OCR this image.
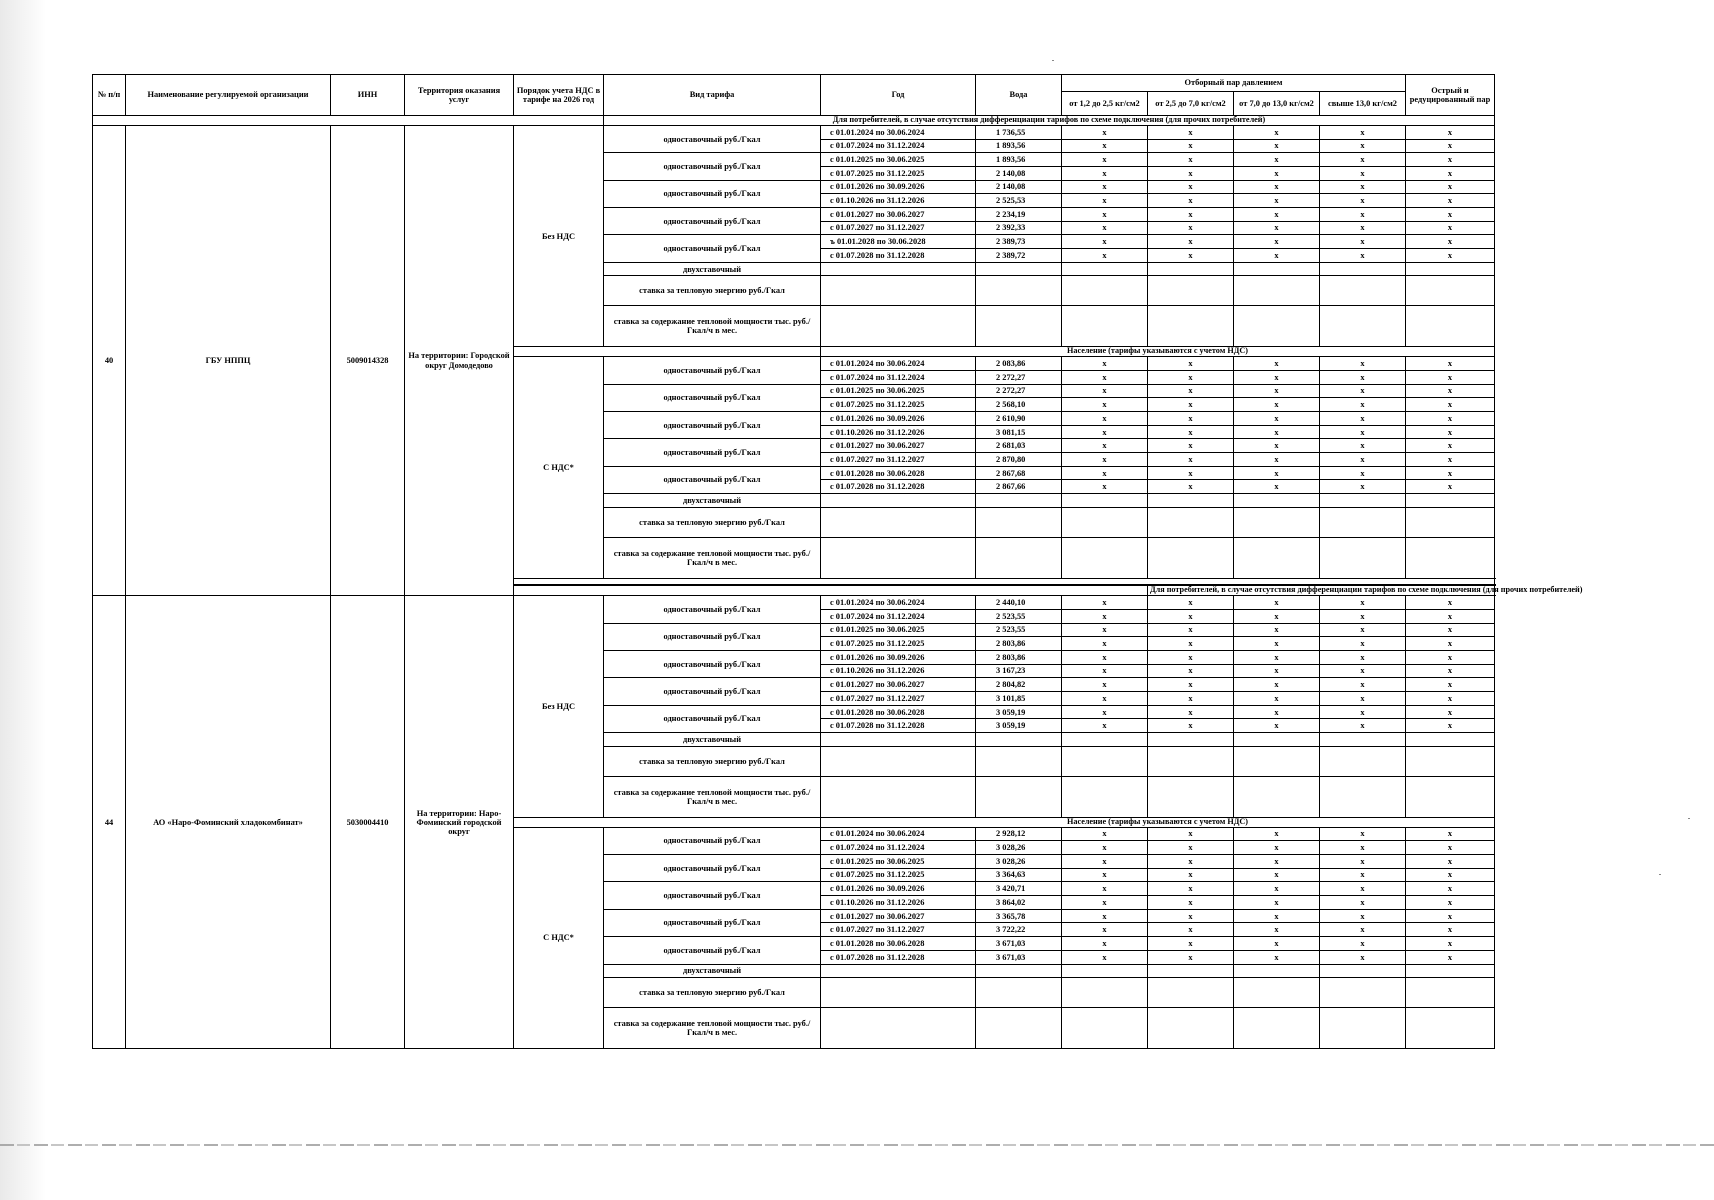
№ п/п	Наименование регулируемой организации	ИНН	Территория оказания услуг	Порядок учета НДС в тарифе на 2026 год	Вид тарифа	Год	Вода	Отборный пар давлением				Острый и редуцированный пар
								от 1,2 до 2,5 кг/см2	от 2,5 до 7,0 кг/см2	от 7,0 до 13,0 кг/см2	свыше 13,0 кг/см2	
					Для потребителей, в случае отсутствия дифференциации тарифов по схеме подключения (для прочих потребителей)							
40	ГБУ НППЦ	5009014328	На территории: Городской округ Домодедово	Без НДС	одноставочный руб./Гкал	с 01.01.2024 по 30.06.2024	1 736,55	x	x	x	x	x
						с 01.07.2024 по 31.12.2024	1 893,56	x	x	x	x	x
					одноставочный руб./Гкал	с 01.01.2025 по 30.06.2025	1 893,56	x	x	x	x	x
						с 01.07.2025 по 31.12.2025	2 140,08	x	x	x	x	x
					одноставочный руб./Гкал	с 01.01.2026 по 30.09.2026	2 140,08	x	x	x	x	x
						с 01.10.2026 по 31.12.2026	2 525,53	x	x	x	x	x
					одноставочный руб./Гкал	с 01.01.2027 по 30.06.2027	2 234,19	x	x	x	x	x
						с 01.07.2027 по 31.12.2027	2 392,33	x	x	x	x	x
					одноставочный руб./Гкал	ъ 01.01.2028 по 30.06.2028	2 389,73	x	x	x	x	x
						с 01.07.2028 по 31.12.2028	2 389,72	x	x	x	x	x
					двухставочный							
					ставка за тепловую энергию руб./Гкал							
					ставка за содержание тепловой мощности тыс. руб./Гкал/ч в мес.							
						Население (тарифы указываются с учетом НДС)						
				С НДС*	одноставочный руб./Гкал	с 01.01.2024 по 30.06.2024	2 083,86	x	x	x	x	x
						с 01.07.2024 по 31.12.2024	2 272,27	x	x	x	x	x
					одноставочный руб./Гкал	с 01.01.2025 по 30.06.2025	2 272,27	x	x	x	x	x
						с 01.07.2025 по 31.12.2025	2 568,10	x	x	x	x	x
					одноставочный руб./Гкал	с 01.01.2026 по 30.09.2026	2 610,90	x	x	x	x	x
						с 01.10.2026 по 31.12.2026	3 081,15	x	x	x	x	x
					одноставочный руб./Гкал	с 01.01.2027 по 30.06.2027	2 681,03	x	x	x	x	x
						с 01.07.2027 по 31.12.2027	2 870,80	x	x	x	x	x
					одноставочный руб./Гкал	с 01.01.2028 по 30.06.2028	2 867,68	x	x	x	x	x
						с 01.07.2028 по 31.12.2028	2 867,66	x	x	x	x	x
					двухставочный							
					ставка за тепловую энергию руб./Гкал							
					ставка за содержание тепловой мощности тыс. руб./Гкал/ч в мес.							

									Для потребителей, в случае отсутствия дифференциации тарифов по схеме подключения (для прочих потребителей)			
44	АО «Наро-Фоминский хладокомбинат»	5030004410	На территории: Наро-Фоминский городской округ	Без НДС	одноставочный руб./Гкал	с 01.01.2024 по 30.06.2024	2 440,10	x	x	x	x	x
						с 01.07.2024 по 31.12.2024	2 523,55	x	x	x	x	x
					одноставочный руб./Гкал	с 01.01.2025 по 30.06.2025	2 523,55	x	x	x	x	x
						с 01.07.2025 по 31.12.2025	2 803,86	x	x	x	x	x
					одноставочный руб./Гкал	с 01.01.2026 по 30.09.2026	2 803,86	x	x	x	x	x
						с 01.10.2026 по 31.12.2026	3 167,23	x	x	x	x	x
					одноставочный руб./Гкал	с 01.01.2027 по 30.06.2027	2 804,82	x	x	x	x	x
						с 01.07.2027 по 31.12.2027	3 101,85	x	x	x	x	x
					одноставочный руб./Гкал	с 01.01.2028 по 30.06.2028	3 059,19	x	x	x	x	x
						с 01.07.2028 по 31.12.2028	3 059,19	x	x	x	x	x
					двухставочный							
					ставка за тепловую энергию руб./Гкал							
					ставка за содержание тепловой мощности тыс. руб./Гкал/ч в мес.							
						Население (тарифы указываются с учетом НДС)						
				С НДС*	одноставочный руб./Гкал	с 01.01.2024 по 30.06.2024	2 928,12	x	x	x	x	x
						с 01.07.2024 по 31.12.2024	3 028,26	x	x	x	x	x
					одноставочный руб./Гкал	с 01.01.2025 по 30.06.2025	3 028,26	x	x	x	x	x
						с 01.07.2025 по 31.12.2025	3 364,63	x	x	x	x	x
					одноставочный руб./Гкал	с 01.01.2026 по 30.09.2026	3 420,71	x	x	x	x	x
						с 01.10.2026 по 31.12.2026	3 864,02	x	x	x	x	x
					одноставочный руб./Гкал	с 01.01.2027 по 30.06.2027	3 365,78	x	x	x	x	x
						с 01.07.2027 по 31.12.2027	3 722,22	x	x	x	x	x
					одноставочный руб./Гкал	с 01.01.2028 по 30.06.2028	3 671,03	x	x	x	x	x
						с 01.07.2028 по 31.12.2028	3 671,03	x	x	x	x	x
					двухставочный							
					ставка за тепловую энергию руб./Гкал							
					ставка за содержание тепловой мощности тыс. руб./Гкал/ч в мес.							
